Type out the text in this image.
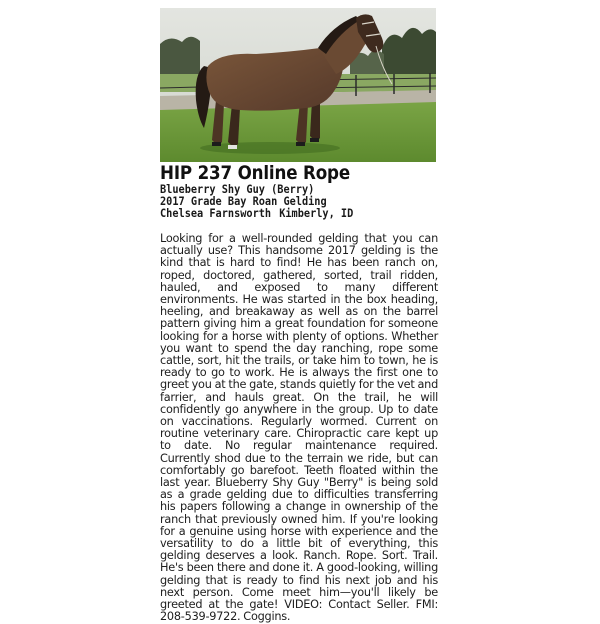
HIP 237 Online Rope
Blueberry Shy Guy (Berry)
2017 Grade Bay Roan Gelding
Chelsea Farnsworth Kimberly, ID

Looking for a well-rounded gelding that you can actually use? This handsome 2017 gelding is the kind that is hard to find! He has been ranch on, roped, doctored, gathered, sorted, trail ridden, hauled, and exposed to many different environments. He was started in the box heading, heeling, and breakaway as well as on the barrel pattern giving him a great foundation for someone looking for a horse with plenty of options. Whether you want to spend the day ranching, rope some cattle, sort, hit the trails, or take him to town, he is ready to go to work. He is always the first one to greet you at the gate, stands quietly for the vet and farrier, and hauls great. On the trail, he will confidently go anywhere in the group. Up to date on vaccinations. Regularly wormed. Current on routine veterinary care. Chiropractic care kept up to date. No regular maintenance required. Currently shod due to the terrain we ride, but can comfortably go barefoot. Teeth floated within the last year. Blueberry Shy Guy "Berry" is being sold as a grade gelding due to difficulties transferring his papers following a change in ownership of the ranch that previously owned him. If you're looking for a genuine using horse with experience and the versatility to do a little bit of everything, this gelding deserves a look. Ranch. Rope. Sort. Trail. He's been there and done it. A good-looking, willing gelding that is ready to find his next job and his next person. Come meet him—you'll likely be greeted at the gate! VIDEO: Contact Seller. FMI: 208-539-9722. Coggins.
